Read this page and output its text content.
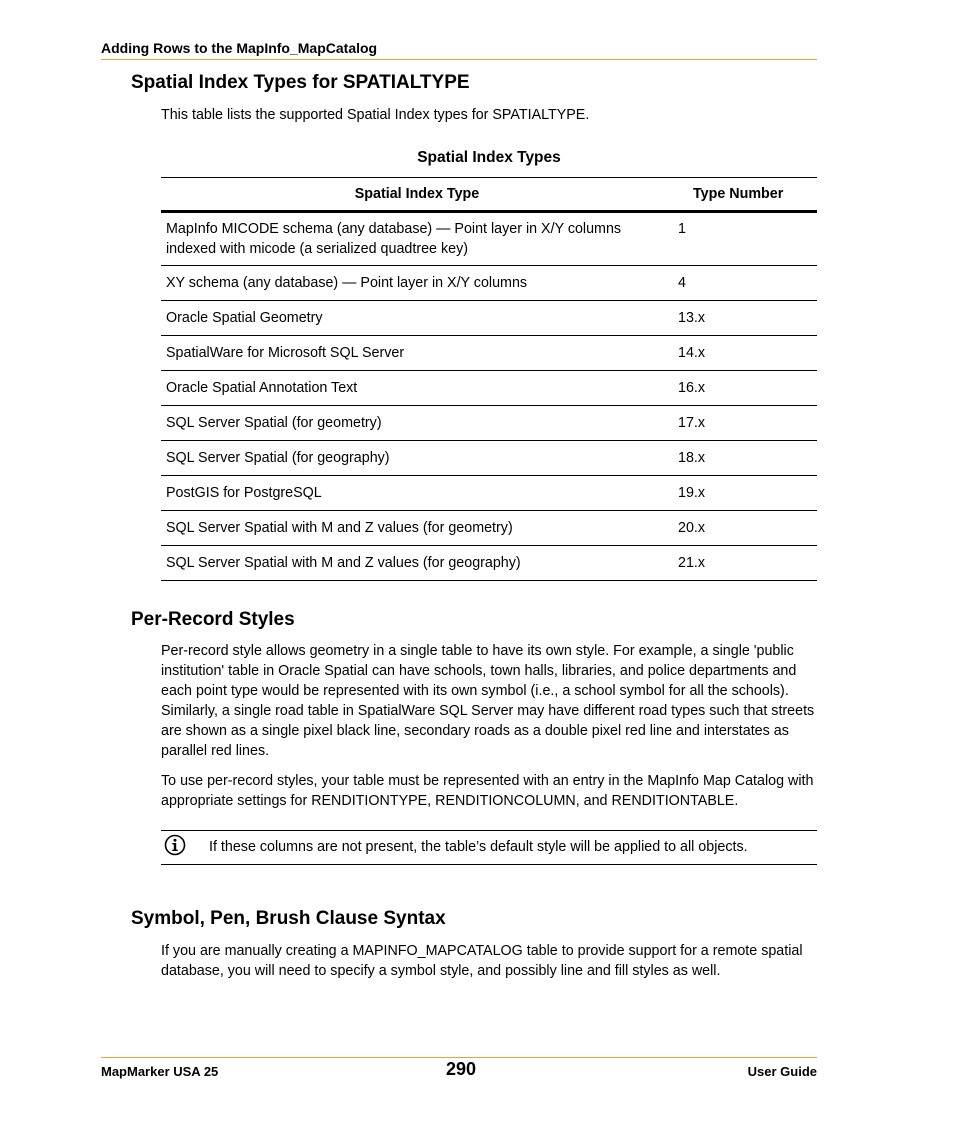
Adding Rows to the MapInfo_MapCatalog
Spatial Index Types for SPATIALTYPE

This table lists the supported Spatial Index types for SPATIALTYPE.

Spatial Index Types
Spatial Index Type	Type Number
MapInfo MICODE schema (any database) — Point layer in X/Y columns indexed with micode (a serialized quadtree key)	1
XY schema (any database) — Point layer in X/Y columns	4
Oracle Spatial Geometry	13.x
SpatialWare for Microsoft SQL Server	14.x
Oracle Spatial Annotation Text	16.x
SQL Server Spatial (for geometry)	17.x
SQL Server Spatial (for geography)	18.x
PostGIS for PostgreSQL	19.x
SQL Server Spatial with M and Z values (for geometry)	20.x
SQL Server Spatial with M and Z values (for geography)	21.x
Per-Record Styles

Per-record style allows geometry in a single table to have its own style. For example, a single 'public institution' table in Oracle Spatial can have schools, town halls, libraries, and police departments and each point type would be represented with its own symbol (i.e., a school symbol for all the schools). Similarly, a single road table in SpatialWare SQL Server may have different road types such that streets are shown as a single pixel black line, secondary roads as a double pixel red line and interstates as parallel red lines.

To use per-record styles, your table must be represented with an entry in the MapInfo Map Catalog with appropriate settings for RENDITIONTYPE, RENDITIONCOLUMN, and RENDITIONTABLE.

If these columns are not present, the table’s default style will be applied to all objects.
Symbol, Pen, Brush Clause Syntax

If you are manually creating a MAPINFO_MAPCATALOG table to provide support for a remote spatial database, you will need to specify a symbol style, and possibly line and fill styles as well.

MapMarker USA 25	290	User Guide
